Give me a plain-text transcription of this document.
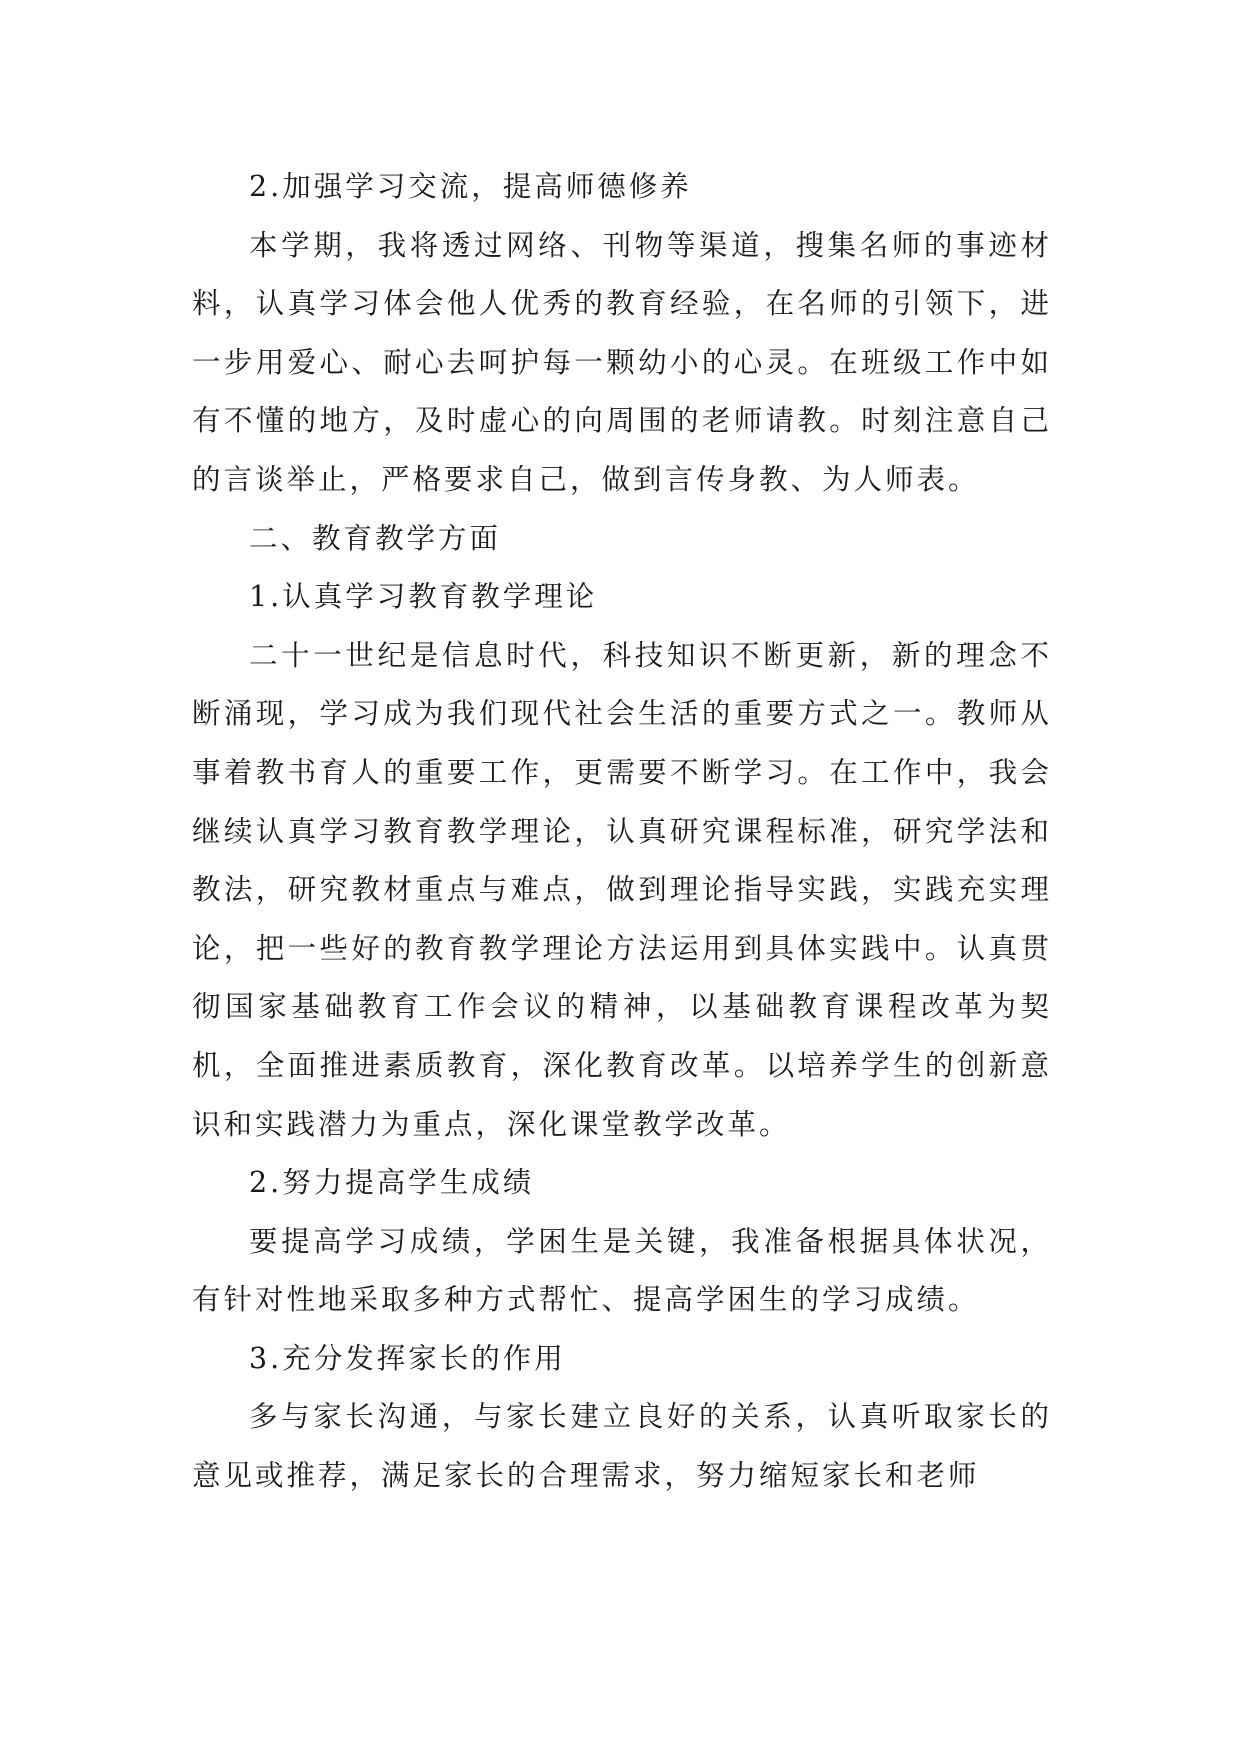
2.加强学习交流，提高师德修养

本学期，我将透过网络、刊物等渠道，搜集名师的事迹材料，认真学习体会他人优秀的教育经验，在名师的引领下，进一步用爱心、耐心去呵护每一颗幼小的心灵。在班级工作中如有不懂的地方，及时虚心的向周围的老师请教。时刻注意自己的言谈举止，严格要求自己，做到言传身教、为人师表。

二、教育教学方面

1.认真学习教育教学理论

二十一世纪是信息时代，科技知识不断更新，新的理念不断涌现，学习成为我们现代社会生活的重要方式之一。教师从事着教书育人的重要工作，更需要不断学习。在工作中，我会继续认真学习教育教学理论，认真研究课程标准，研究学法和教法，研究教材重点与难点，做到理论指导实践，实践充实理论，把一些好的教育教学理论方法运用到具体实践中。认真贯彻国家基础教育工作会议的精神，以基础教育课程改革为契机，全面推进素质教育，深化教育改革。以培养学生的创新意识和实践潜力为重点，深化课堂教学改革。

2.努力提高学生成绩

要提高学习成绩，学困生是关键，我准备根据具体状况，有针对性地采取多种方式帮忙、提高学困生的学习成绩。

3.充分发挥家长的作用

多与家长沟通，与家长建立良好的关系，认真听取家长的意见或推荐，满足家长的合理需求，努力缩短家长和老师
